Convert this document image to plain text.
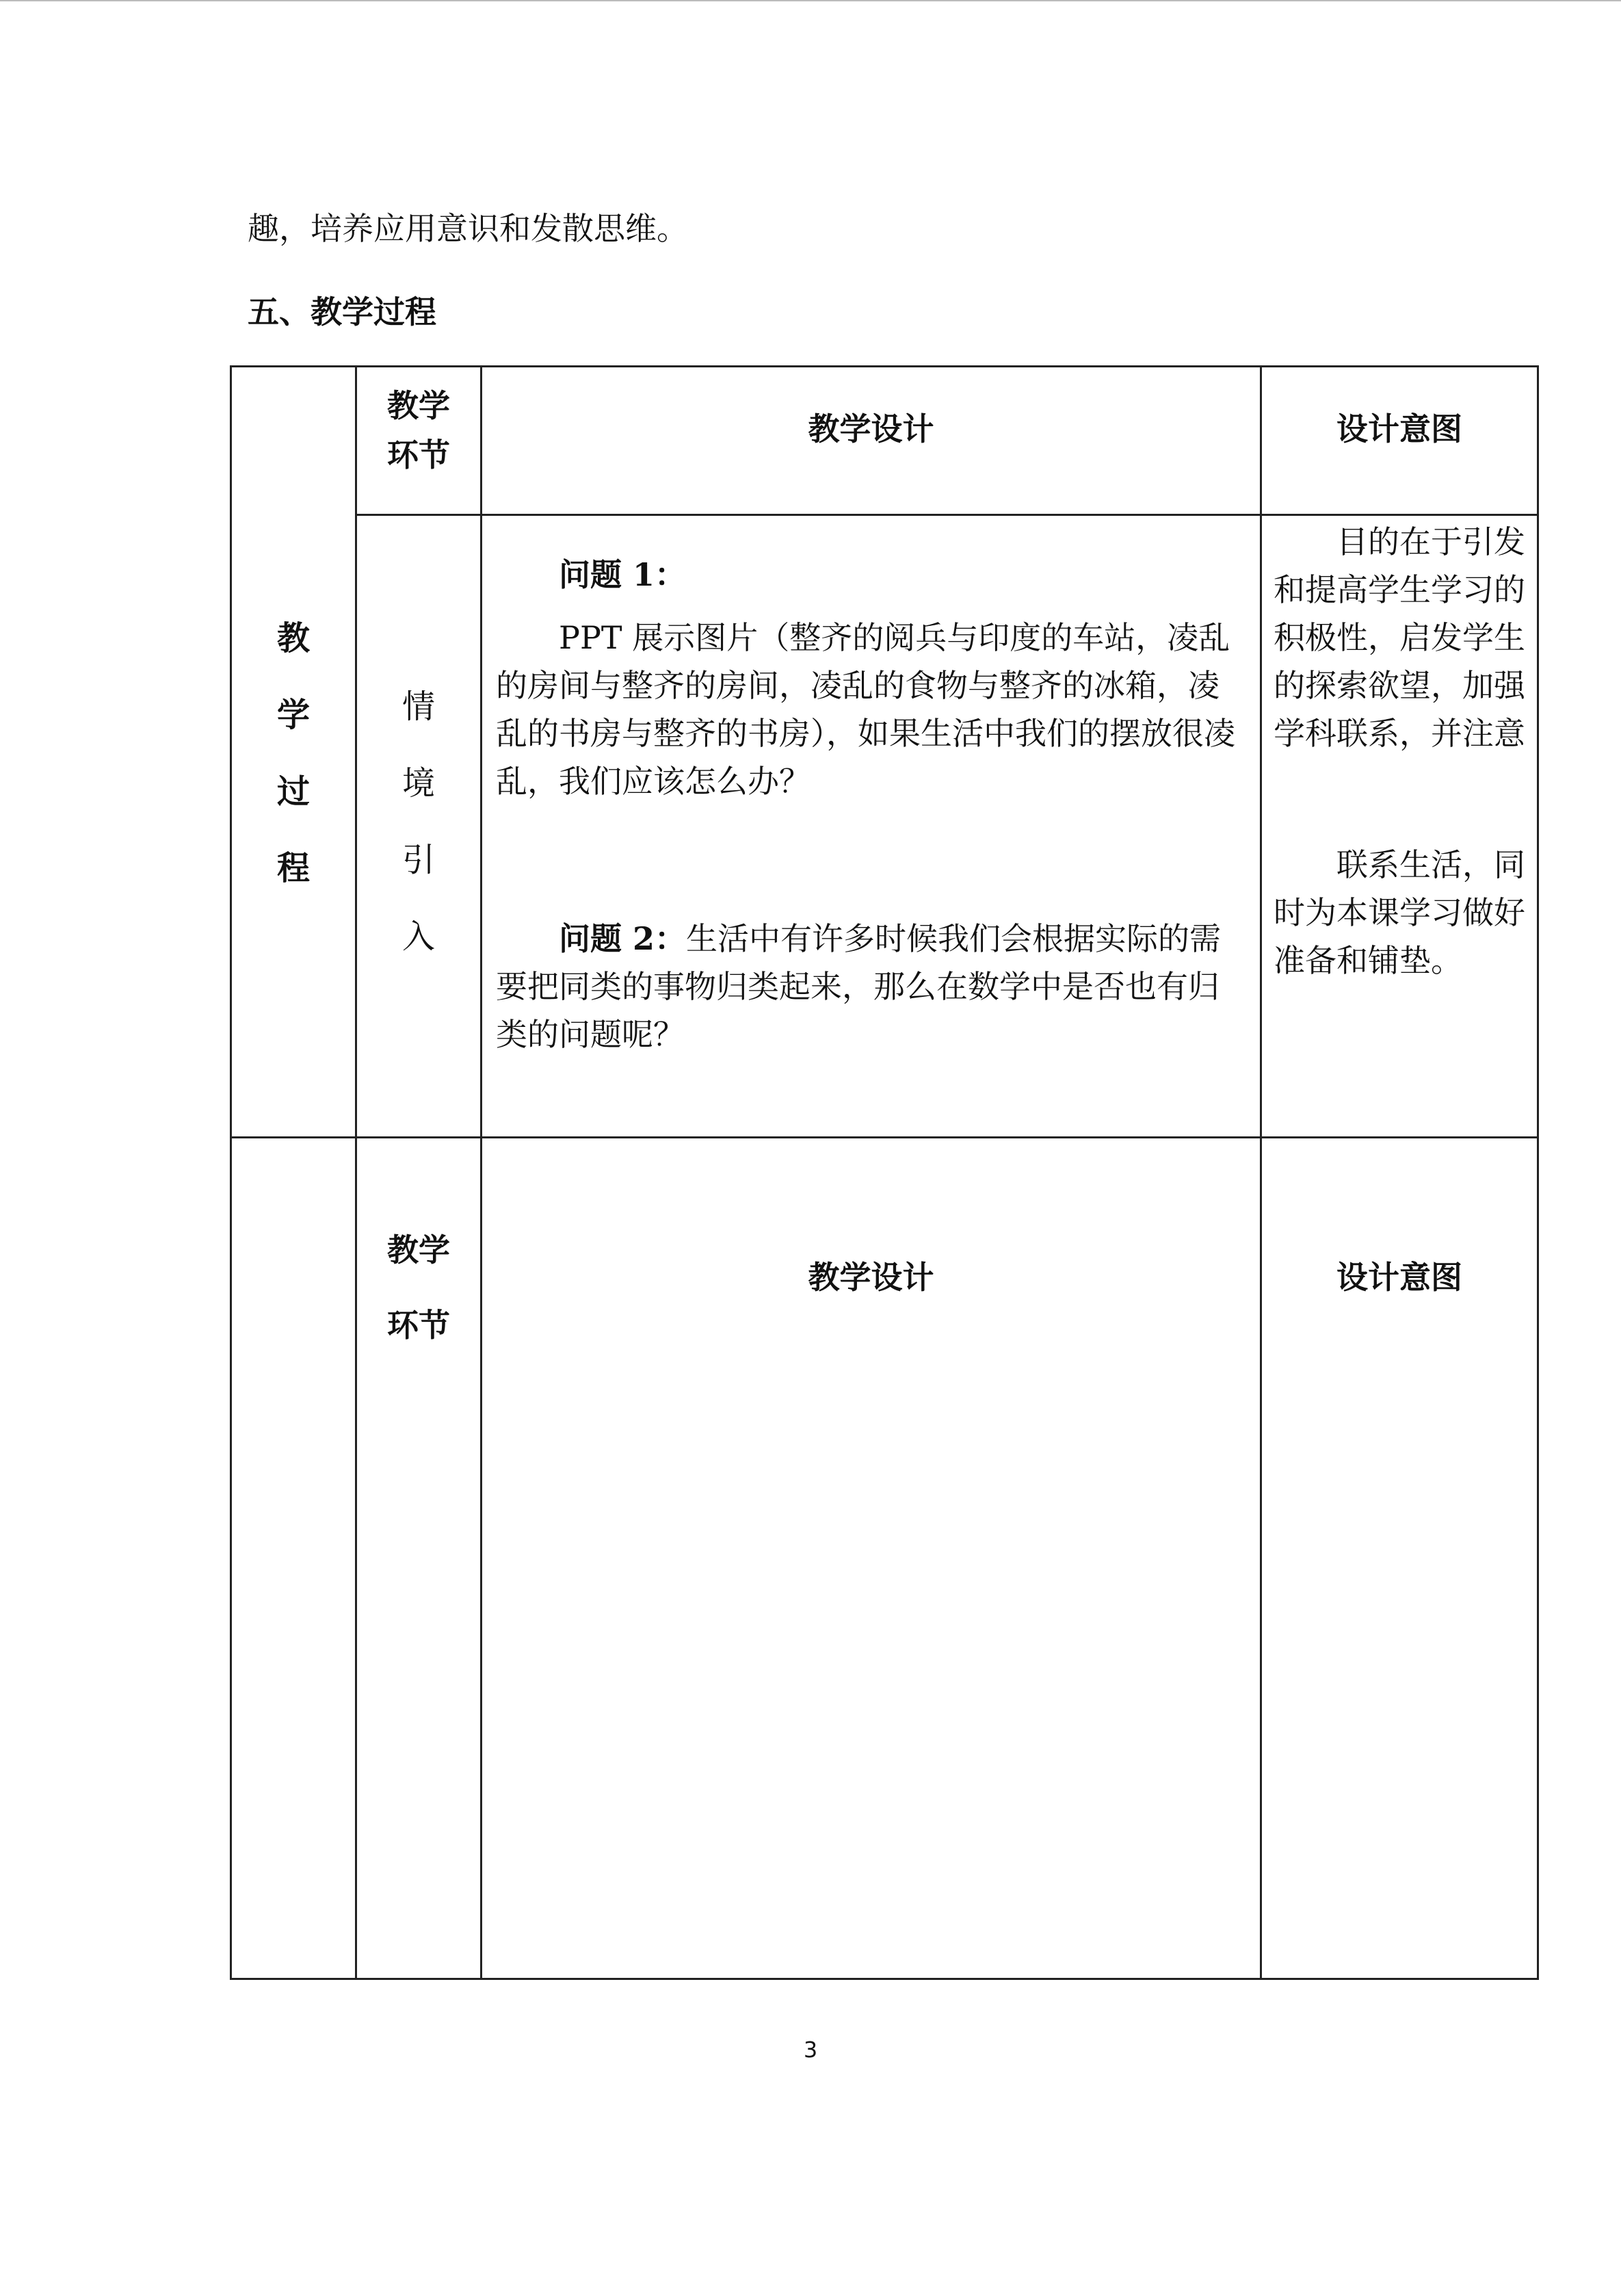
趣，培养应用意识和发散思维。
五、教学过程
教
学
过
程
教学
环节
教学设计	设计意图
情
境
引
入

问题 1：

PPT 展示图片（整齐的阅兵与印度的车站，凌乱的房间与整齐的房间，凌乱的食物与整齐的冰箱，凌乱的书房与整齐的书房），如果生活中我们的摆放很凌乱，我们应该怎么办？

问题 2：生活中有许多时候我们会根据实际的需要把同类的事物归类起来，那么在数学中是否也有归类的问题呢？

目的在于引发和提高学生学习的积极性，启发学生的探索欲望，加强学科联系，并注意

联系生活，同时为本课学习做好准备和铺垫。

教学
环节
教学设计	设计意图
3
